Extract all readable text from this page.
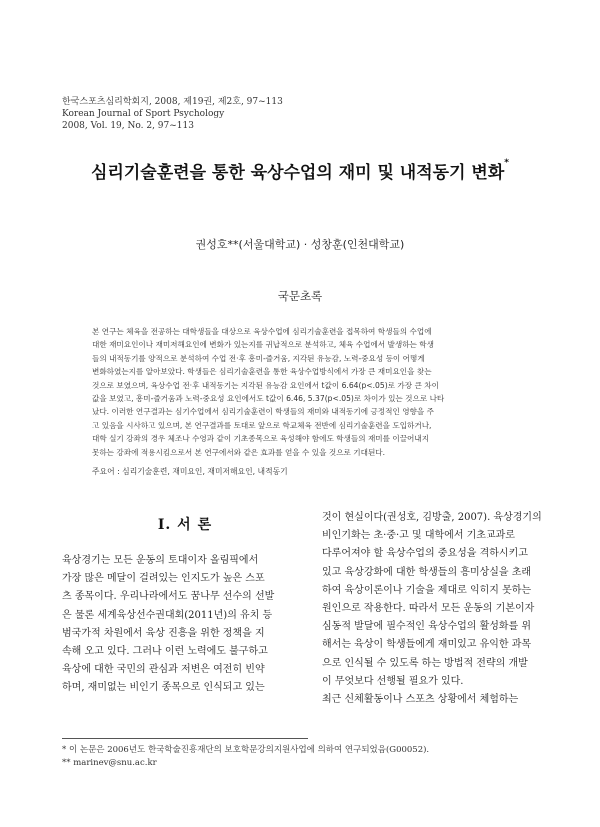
한국스포츠심리학회지, 2008, 제19권, 제2호, 97~113
Korean Journal of Sport Psychology
2008, Vol. 19, No. 2, 97~113
심리기술훈련을 통한 육상수업의 재미 및 내적동기 변화*
권성호**(서울대학교) · 성창훈(인천대학교)
국문초록
본 연구는 체육을 전공하는 대학생들을 대상으로 육상수업에 심리기술훈련을 접목하여 학생들의 수업에
대한 재미요인이나 재미저해요인에 변화가 있는지를 귀납적으로 분석하고, 체육 수업에서 발생하는 학생
들의 내적동기를 양적으로 분석하여 수업 전·후 흥미-즐거움, 지각된 유능감, 노력-중요성 등이 어떻게
변화하였는지를 알아보았다. 학생들은 심리기술훈련을 통한 육상수업방식에서 가장 큰 재미요인을 찾는
것으로 보였으며, 육상수업 전·후 내적동기는 지각된 유능감 요인에서 t값이 6.64(p<.05)로 가장 큰 차이
값을 보였고, 흥미-즐거움과 노력-중요성 요인에서도 t값이 6.46, 5.37(p<.05)로 차이가 있는 것으로 나타
났다. 이러한 연구결과는 심기수업에서 심리기술훈련이 학생들의 재미와 내적동기에 긍정적인 영향을 주
고 있음을 시사하고 있으며, 본 연구결과를 토대로 앞으로 학교체육 전반에 심리기술훈련을 도입하거나,
대학 실기 강좌의 경우 체조나 수영과 같이 기초종목으로 육성해야 함에도 학생들의 재미를 이끌어내지
못하는 강좌에 적용시킴으로서 본 연구에서와 같은 효과를 얻을 수 있을 것으로 기대된다.
주요어 : 심리기술훈련, 재미요인, 재미저해요인, 내적동기
Ⅰ. 서 론
육상경기는 모든 운동의 토대이자 올림픽에서
가장 많은 메달이 걸려있는 인지도가 높은 스포
츠 종목이다. 우리나라에서도 꿈나무 선수의 선발
은 물론 세계육상선수권대회(2011년)의 유치 등
범국가적 차원에서 육상 진흥을 위한 정책을 지
속해 오고 있다. 그러나 이런 노력에도 불구하고
육상에 대한 국민의 관심과 저변은 여전히 빈약
하며, 재미없는 비인기 종목으로 인식되고 있는
것이 현실이다(권성호, 김방출, 2007). 육상경기의
비인기화는 초·중·고 및 대학에서 기초교과로
다루어져야 할 육상수업의 중요성을 격하시키고
있고 육상강화에 대한 학생들의 흥미상실을 초래
하여 육상이론이나 기술을 제대로 익히지 못하는
원인으로 작용한다. 따라서 모든 운동의 기본이자
심동적 발달에 필수적인 육상수업의 활성화를 위
해서는 육상이 학생들에게 재미있고 유익한 과목
으로 인식될 수 있도록 하는 방법적 전략의 개발
이 무엇보다 선행될 필요가 있다.
최근 신체활동이나 스포츠 상황에서 체험하는
* 이 논문은 2006년도 한국학술진흥재단의 보호학문강의지원사업에 의하여 연구되었음(G00052).
** marinev@snu.ac.kr
